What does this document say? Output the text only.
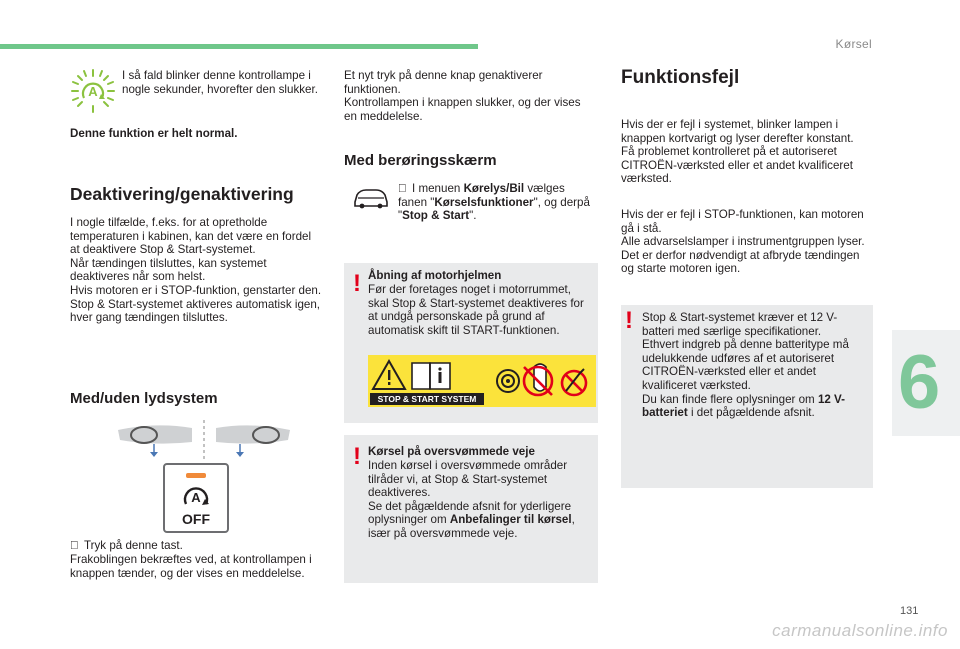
Kørsel
6
131
carmanualsonline.info
A

I så fald blinker denne kontrollampe i nogle sekunder, hvorefter den slukker.

Denne funktion er helt normal.

Deaktivering/genaktivering

I nogle tilfælde, f.eks. for at opretholde temperaturen i kabinen, kan det være en fordel at deaktivere Stop & Start-systemet.
Når tændingen tilsluttes, kan systemet deaktiveres når som helst.
Hvis motoren er i STOP-funktion, genstarter den.
Stop & Start-systemet aktiveres automatisk igen, hver gang tændingen tilsluttes.

Med/uden lydsystem
A
OFF

Tryk på denne tast.

Frakoblingen bekræftes ved, at kontrollampen i knappen tænder, og der vises en meddelelse.

Et nyt tryk på denne knap genaktiverer funktionen.
Kontrollampen i knappen slukker, og der vises en meddelelse.

Med berøringsskærm

I menuen Kørelys/Bil vælges fanen "Kørselsfunktioner", og derpå "Stop & Start".

! Åbning af motorhjelmen

Før der foretages noget i motorrummet, skal Stop & Start-systemet deaktiveres for at undgå personskade på grund af automatisk skift til START-funktionen.

STOP & START SYSTEM
! Kørsel på oversvømmede veje

Inden kørsel i oversvømmede områder tilråder vi, at Stop & Start-systemet deaktiveres.
Se det pågældende afsnit for yderligere oplysninger om Anbefalinger til kørsel, især på oversvømmede veje.

Funktionsfejl

Hvis der er fejl i systemet, blinker lampen i knappen kortvarigt og lyser derefter konstant.
Få problemet kontrolleret på et autoriseret CITROËN-værksted eller et andet kvalificeret værksted.

Hvis der er fejl i STOP-funktionen, kan motoren gå i stå.
Alle advarselslamper i instrumentgruppen lyser.
Det er derfor nødvendigt at afbryde tændingen og starte motoren igen.

! Stop & Start-systemet kræver et 12 V-batteri med særlige specifikationer.
Ethvert indgreb på denne batteritype må udelukkende udføres af et autoriseret CITROËN-værksted eller et andet kvalificeret værksted.
Du kan finde flere oplysninger om 12 V-batteriet i det pågældende afsnit.
